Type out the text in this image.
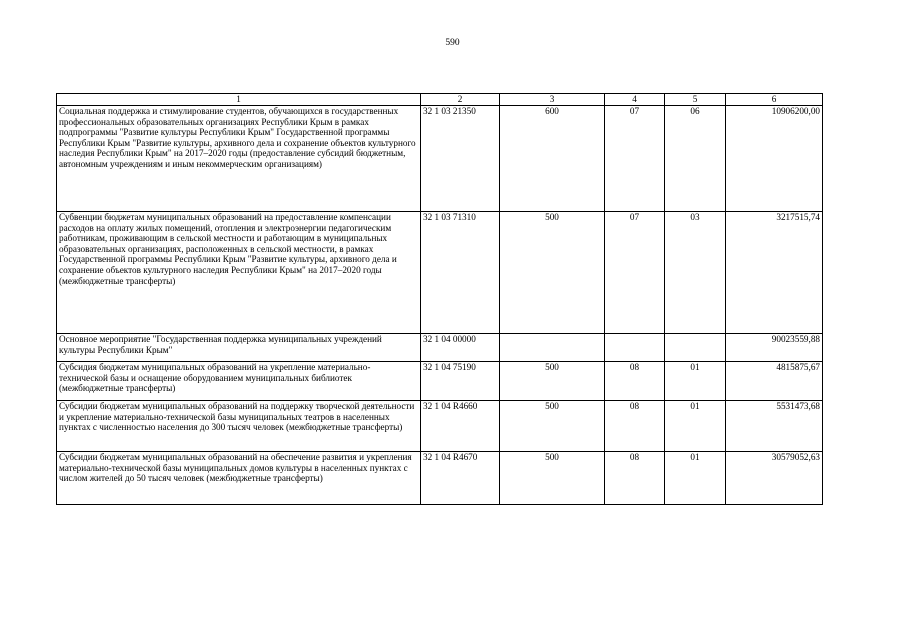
590
1	2	3	4	5	6

Социальная поддержка и стимулирование студентов, обучающихся в государственных профессиональных образовательных организациях Республики Крым в рамках подпрограммы "Развитие культуры Республики Крым" Государственной программы Республики Крым "Развитие культуры, архивного дела и сохранение объектов культурного наследия Республики Крым" на 2017–2020 годы (предоставление субсидий бюджетным, автономным учреждениям и иным некоммерческим организациям)	32 1 03 21350	600	07	06	10906200,00

Субвенции бюджетам муниципальных образований на предоставление компенсации расходов на оплату жилых помещений, отопления и электроэнергии педагогическим работникам, проживающим в сельской местности и работающим в муниципальных образовательных организациях, расположенных в сельской местности, в рамках Государственной программы Республики Крым "Развитие культуры, архивного дела и сохранение объектов культурного наследия Республики Крым" на 2017–2020 годы (межбюджетные трансферты)	32 1 03 71310	500	07	03	3217515,74

Основное мероприятие "Государственная поддержка муниципальных учреждений культуры Республики Крым"	32 1 04 00000				90023559,88

Субсидия бюджетам муниципальных образований на укрепление материально-технической базы и оснащение оборудованием муниципальных библиотек (межбюджетные трансферты)	32 1 04 75190	500	08	01	4815875,67

Субсидии бюджетам муниципальных образований на поддержку творческой деятельности и укрепление материально-технической базы муниципальных театров в населенных пунктах с численностью населения до 300 тысяч человек (межбюджетные трансферты)	32 1 04 R4660	500	08	01	5531473,68

Субсидии бюджетам муниципальных образований на обеспечение развития и укрепления материально-технической базы муниципальных домов культуры в населенных пунктах с числом жителей до 50 тысяч человек (межбюджетные трансферты)	32 1 04 R4670	500	08	01	30579052,63
